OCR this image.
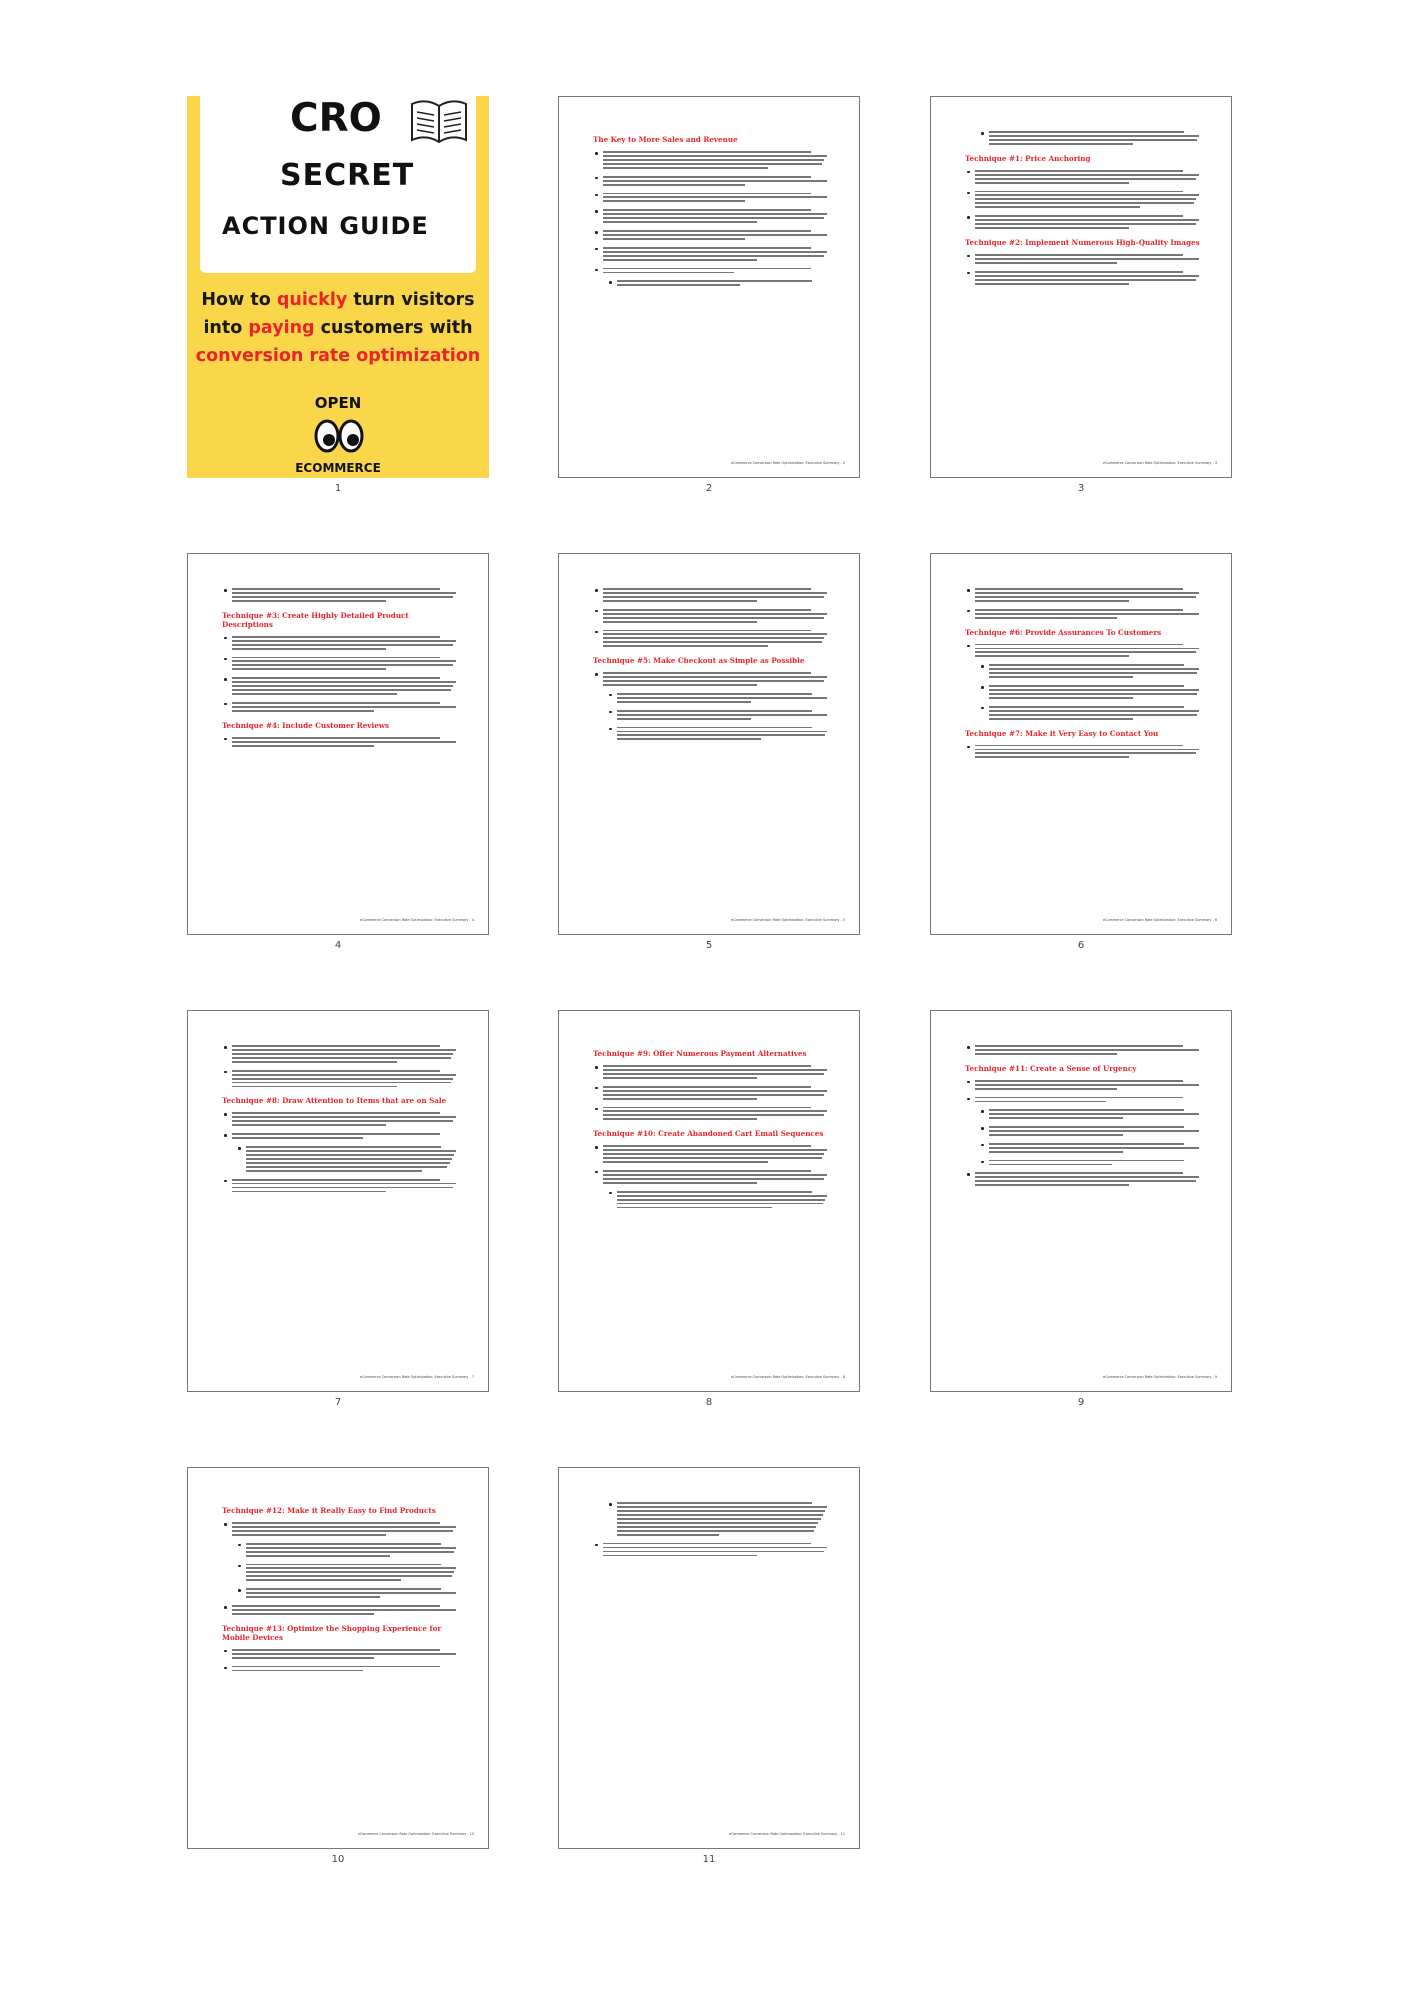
CRO
SECRET
ACTION GUIDE
How to quickly turn visitors
into paying customers with
conversion rate optimization
OPEN
ECOMMERCE
The Key to More Sales and Revenue
eCommerce Conversion Rate Optimization: Executive Summary - 2
Technique #1: Price Anchoring
Technique #2: Implement Numerous High-Quality Images
eCommerce Conversion Rate Optimization: Executive Summary - 3
Technique #3: Create Highly Detailed Product Descriptions
Technique #4: Include Customer Reviews
eCommerce Conversion Rate Optimization: Executive Summary - 4
Technique #5: Make Checkout as Simple as Possible
eCommerce Conversion Rate Optimization: Executive Summary - 5
Technique #6: Provide Assurances To Customers
Technique #7: Make it Very Easy to Contact You
eCommerce Conversion Rate Optimization: Executive Summary - 6
Technique #8: Draw Attention to Items that are on Sale
eCommerce Conversion Rate Optimization: Executive Summary - 7
Technique #9: Offer Numerous Payment Alternatives
Technique #10: Create Abandoned Cart Email Sequences
eCommerce Conversion Rate Optimization: Executive Summary - 8
Technique #11: Create a Sense of Urgency
eCommerce Conversion Rate Optimization: Executive Summary - 9
Technique #12: Make it Really Easy to Find Products
Technique #13: Optimize the Shopping Experience for Mobile Devices
eCommerce Conversion Rate Optimization: Executive Summary - 10	eCommerce Conversion Rate Optimization: Executive Summary - 11
1	2	3
4	5	6
7	8	9
10	11
